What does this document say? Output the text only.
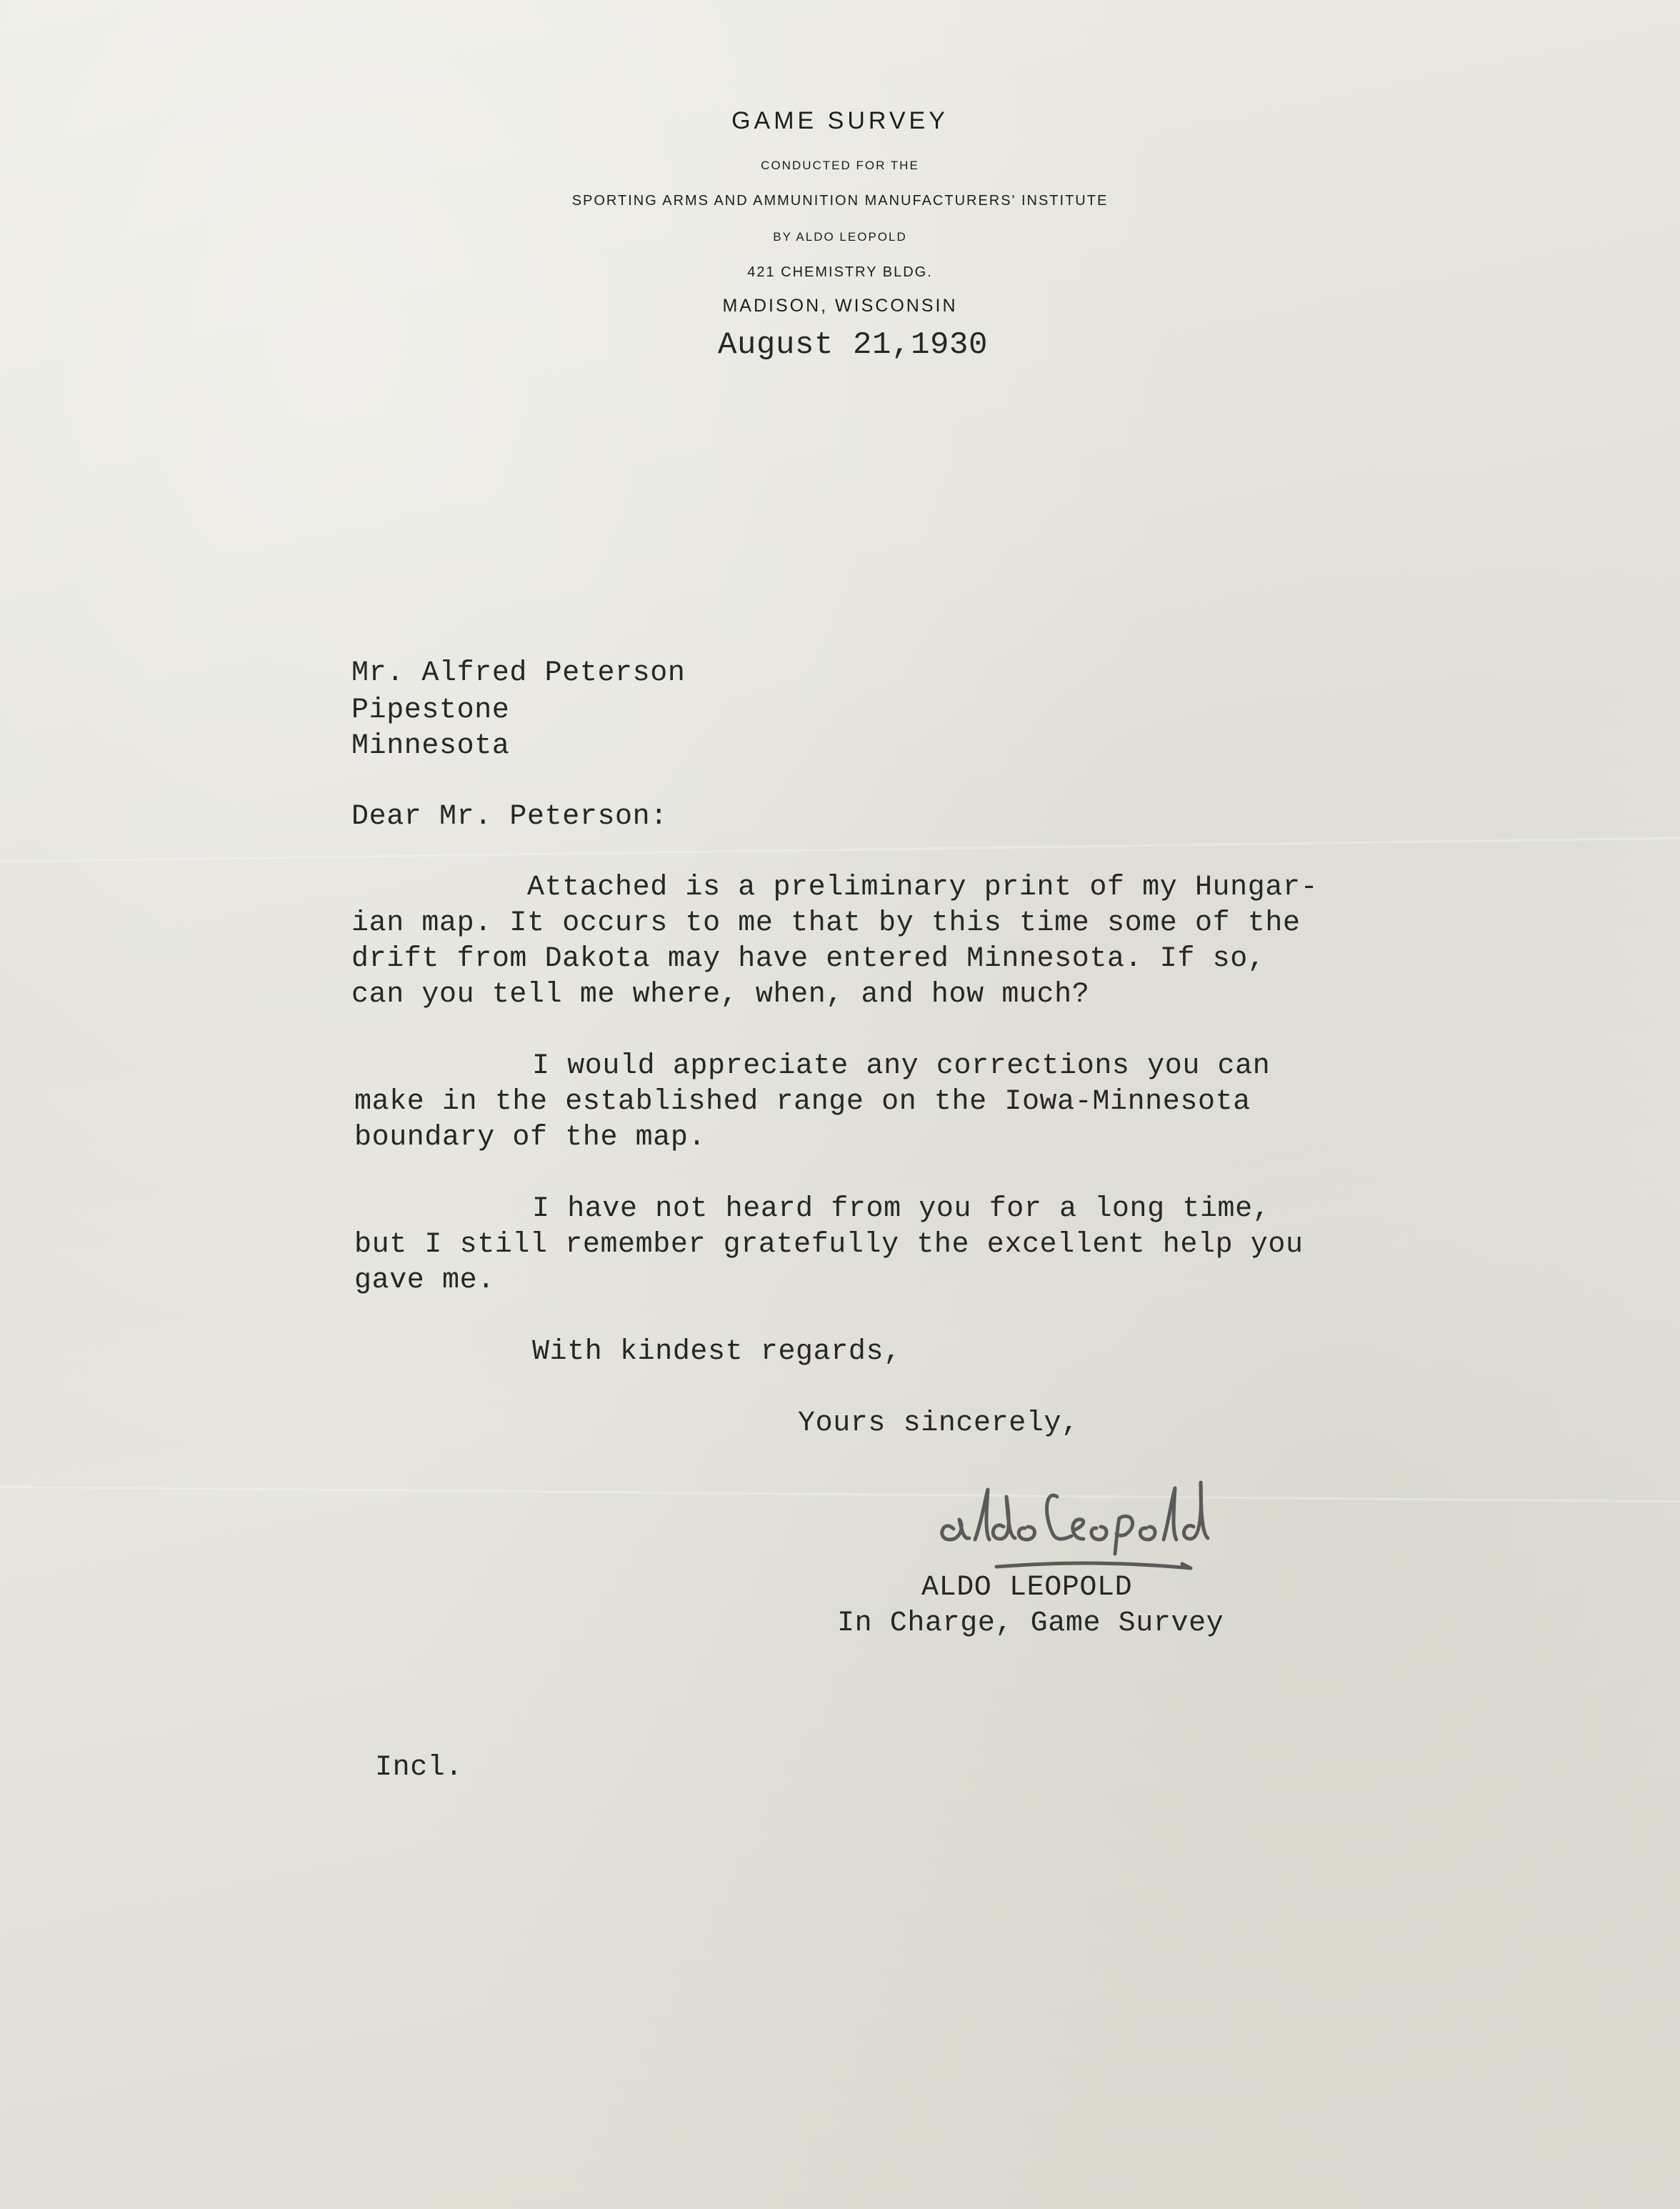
GAME SURVEY
CONDUCTED FOR THE
SPORTING ARMS AND AMMUNITION MANUFACTURERS' INSTITUTE
BY ALDO LEOPOLD
421 CHEMISTRY BLDG.
MADISON, WISCONSIN
August 21,1930
Mr. Alfred Peterson
Pipestone
Minnesota
Dear Mr. Peterson:
Attached is a preliminary print of my Hungar-
ian map. It occurs to me that by this time some of the
drift from Dakota may have entered Minnesota. If so,
can you tell me where, when, and how much?
I would appreciate any corrections you can
make in the established range on the Iowa-Minnesota
boundary of the map.
I have not heard from you for a long time,
but I still remember gratefully the excellent help you
gave me.
With kindest regards,
Yours sincerely,
ALDO LEOPOLD
In Charge, Game Survey
Incl.
